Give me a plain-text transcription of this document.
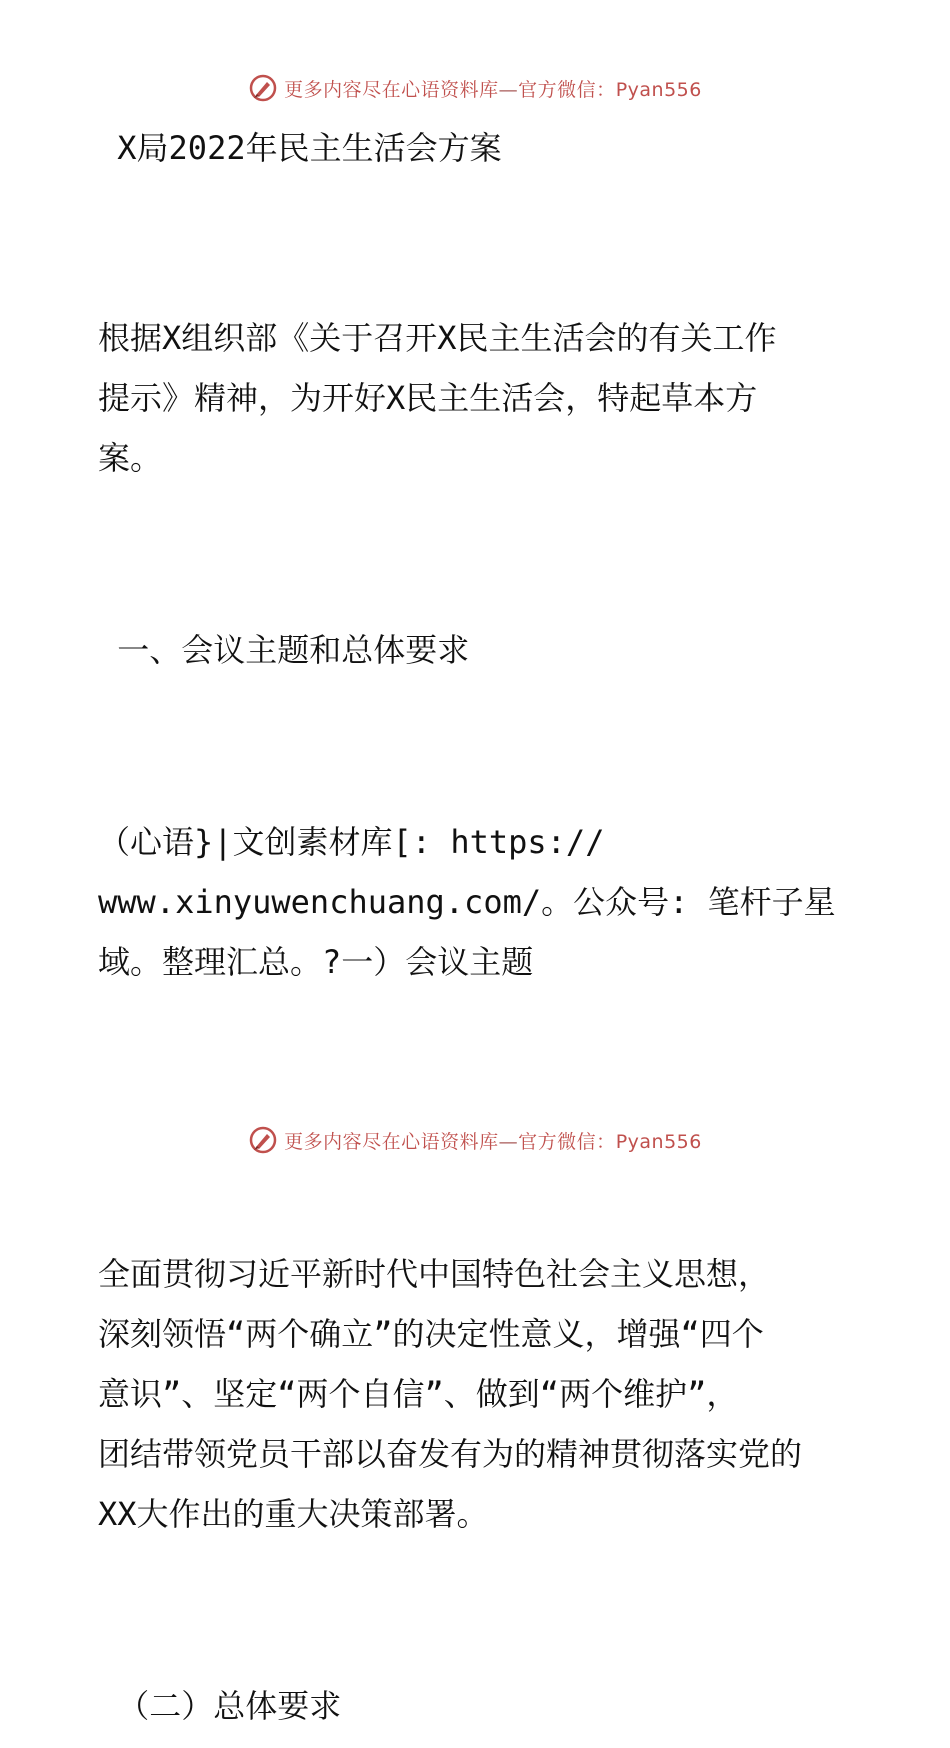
更多内容尽在心语资料库—官方微信：Pyan556

X局2022年民主生活会方案

根据X组织部《关于召开X民主生活会的有关工作
提示》精神，为开好X民主生活会，特起草本方
案。

一、会议主题和总体要求

（心语}|文创素材库[: https://
www.xinyuwenchuang.com/。公众号: 笔杆子星
域。整理汇总。?一）会议主题

全面贯彻习近平新时代中国特色社会主义思想，
深刻领悟“两个确立”的决定性意义，增强“四个
意识”、坚定“两个自信”、做到“两个维护”，
团结带领党员干部以奋发有为的精神贯彻落实党的
XX大作出的重大决策部署。

（二）总体要求

更多内容尽在心语资料库—官方微信：Pyan556
